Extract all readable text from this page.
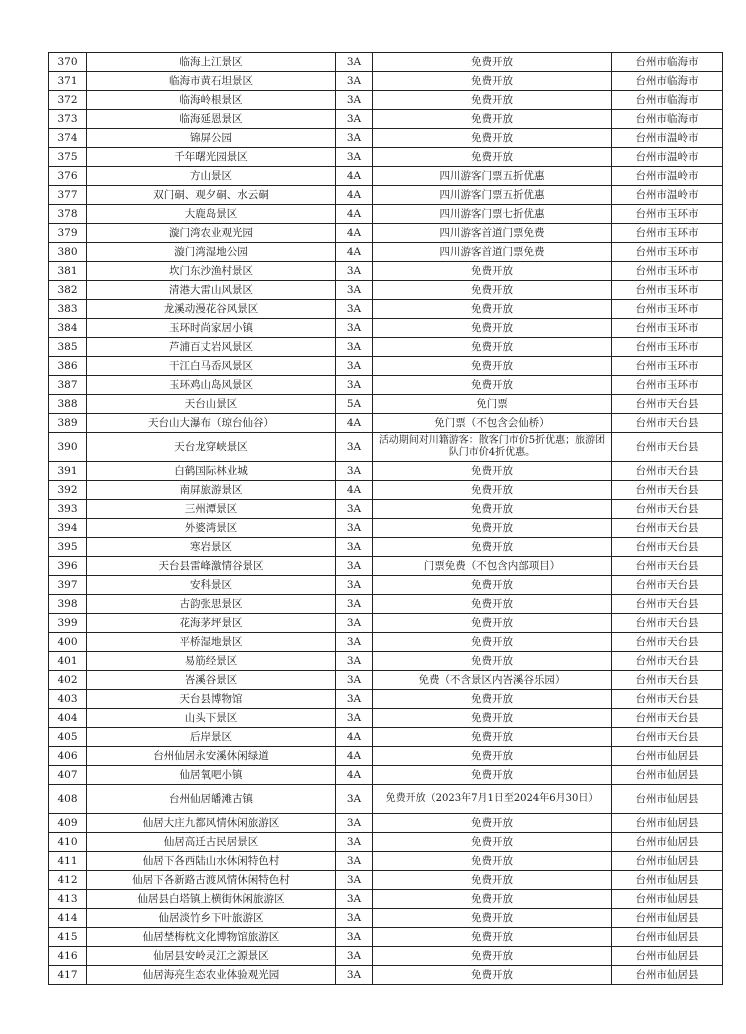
370	临海上江景区	3A	免费开放	台州市临海市
371	临海市黄石坦景区	3A	免费开放	台州市临海市
372	临海岭根景区	3A	免费开放	台州市临海市
373	临海延恩景区	3A	免费开放	台州市临海市
374	锦屏公园	3A	免费开放	台州市温岭市
375	千年曙光园景区	3A	免费开放	台州市温岭市
376	方山景区	4A	四川游客门票五折优惠	台州市温岭市
377	双门硐、观夕硐、水云硐	4A	四川游客门票五折优惠	台州市温岭市
378	大鹿岛景区	4A	四川游客门票七折优惠	台州市玉环市
379	漩门湾农业观光园	4A	四川游客首道门票免费	台州市玉环市
380	漩门湾湿地公园	4A	四川游客首道门票免费	台州市玉环市
381	坎门东沙渔村景区	3A	免费开放	台州市玉环市
382	清港大雷山风景区	3A	免费开放	台州市玉环市
383	龙溪动漫花谷风景区	3A	免费开放	台州市玉环市
384	玉环时尚家居小镇	3A	免费开放	台州市玉环市
385	芦浦百丈岩风景区	3A	免费开放	台州市玉环市
386	干江白马岙风景区	3A	免费开放	台州市玉环市
387	玉环鸡山岛风景区	3A	免费开放	台州市玉环市
388	天台山景区	5A	免门票	台州市天台县
389	天台山大瀑布（琼台仙谷）	4A	免门票（不包含会仙桥）	台州市天台县
390	天台龙穿峡景区	3A	活动期间对川籍游客：散客门市价5折优惠；旅游团队门市价4折优惠。	台州市天台县
391	白鹤国际林业城	3A	免费开放	台州市天台县
392	南屏旅游景区	4A	免费开放	台州市天台县
393	三州潭景区	3A	免费开放	台州市天台县
394	外婆湾景区	3A	免费开放	台州市天台县
395	寒岩景区	3A	免费开放	台州市天台县
396	天台县雷峰激情谷景区	3A	门票免费（不包含内部项目）	台州市天台县
397	安科景区	3A	免费开放	台州市天台县
398	古韵张思景区	3A	免费开放	台州市天台县
399	花海茅坪景区	3A	免费开放	台州市天台县
400	平桥湿地景区	3A	免费开放	台州市天台县
401	易筋经景区	3A	免费开放	台州市天台县
402	峇溪谷景区	3A	免费（不含景区内峇溪谷乐园）	台州市天台县
403	天台县博物馆	3A	免费开放	台州市天台县
404	山头下景区	3A	免费开放	台州市天台县
405	后岸景区	4A	免费开放	台州市天台县
406	台州仙居永安溪休闲绿道	4A	免费开放	台州市仙居县
407	仙居氧吧小镇	4A	免费开放	台州市仙居县
408	台州仙居皤滩古镇	3A	免费开放（2023年7月1日至2024年6月30日）	台州市仙居县
409	仙居大庄九都风情休闲旅游区	3A	免费开放	台州市仙居县
410	仙居高迁古民居景区	3A	免费开放	台州市仙居县
411	仙居下各西陆山水休闲特色村	3A	免费开放	台州市仙居县
412	仙居下各新路古渡风情休闲特色村	3A	免费开放	台州市仙居县
413	仙居县白塔镇上横街休闲旅游区	3A	免费开放	台州市仙居县
414	仙居淡竹乡下叶旅游区	3A	免费开放	台州市仙居县
415	仙居埜梅枕文化博物馆旅游区	3A	免费开放	台州市仙居县
416	仙居县安岭灵江之源景区	3A	免费开放	台州市仙居县
417	仙居海亮生态农业体验观光园	3A	免费开放	台州市仙居县
